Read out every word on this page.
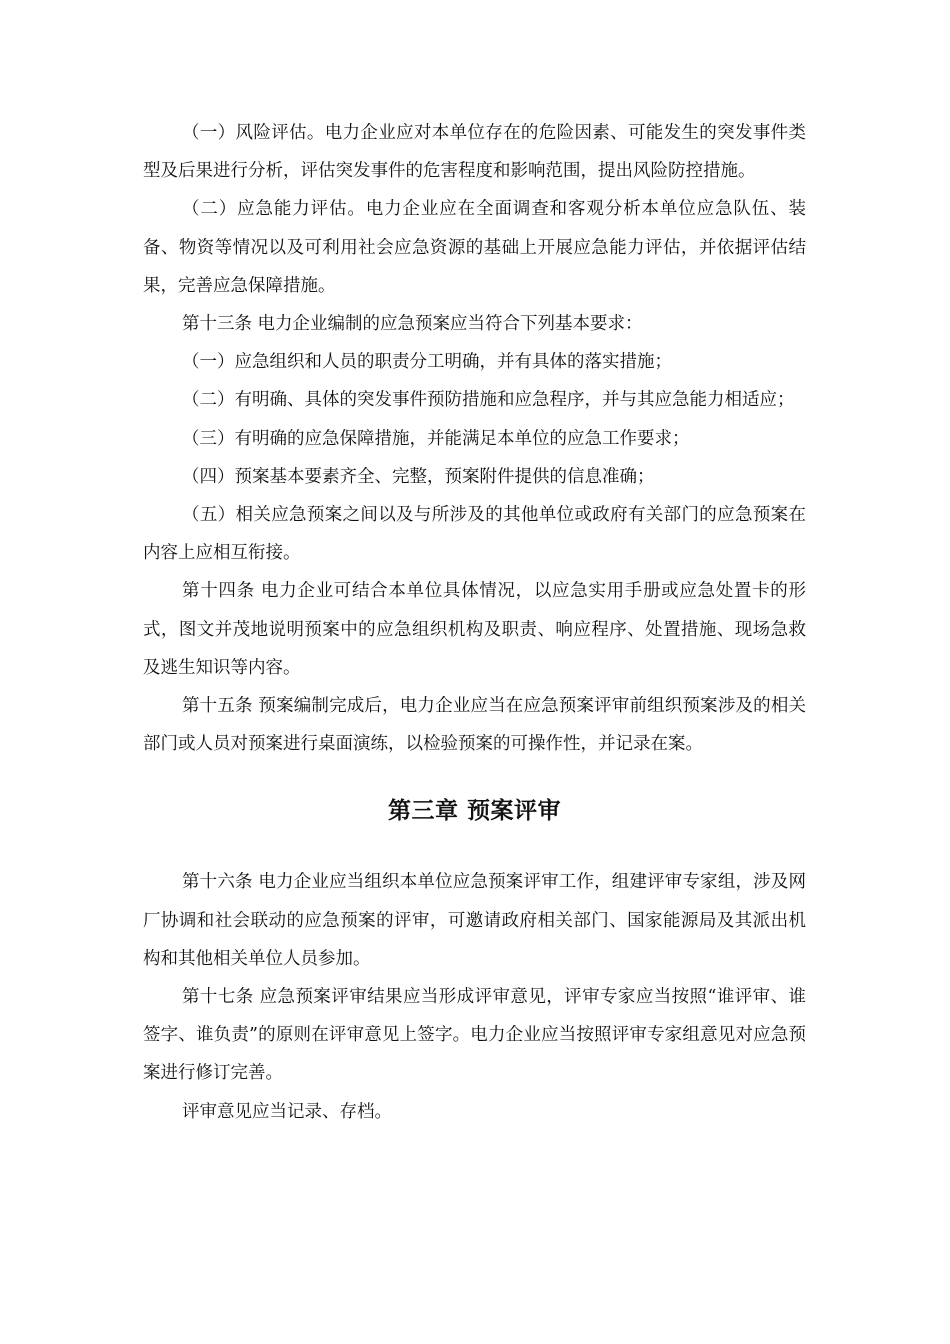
（一）风险评估。电力企业应对本单位存在的危险因素、可能发生的突发事件类型及后果进行分析，评估突发事件的危害程度和影响范围，提出风险防控措施。

（二）应急能力评估。电力企业应在全面调查和客观分析本单位应急队伍、装备、物资等情况以及可利用社会应急资源的基础上开展应急能力评估，并依据评估结果，完善应急保障措施。

第十三条 电力企业编制的应急预案应当符合下列基本要求：

（一）应急组织和人员的职责分工明确，并有具体的落实措施；

（二）有明确、具体的突发事件预防措施和应急程序，并与其应急能力相适应；

（三）有明确的应急保障措施，并能满足本单位的应急工作要求；

（四）预案基本要素齐全、完整，预案附件提供的信息准确；

（五）相关应急预案之间以及与所涉及的其他单位或政府有关部门的应急预案在内容上应相互衔接。

第十四条 电力企业可结合本单位具体情况，以应急实用手册或应急处置卡的形式，图文并茂地说明预案中的应急组织机构及职责、响应程序、处置措施、现场急救及逃生知识等内容。

第十五条 预案编制完成后，电力企业应当在应急预案评审前组织预案涉及的相关部门或人员对预案进行桌面演练，以检验预案的可操作性，并记录在案。

第三章 预案评审

第十六条 电力企业应当组织本单位应急预案评审工作，组建评审专家组，涉及网厂协调和社会联动的应急预案的评审，可邀请政府相关部门、国家能源局及其派出机构和其他相关单位人员参加。

第十七条 应急预案评审结果应当形成评审意见，评审专家应当按照“谁评审、谁签字、谁负责”的原则在评审意见上签字。电力企业应当按照评审专家组意见对应急预案进行修订完善。

评审意见应当记录、存档。
